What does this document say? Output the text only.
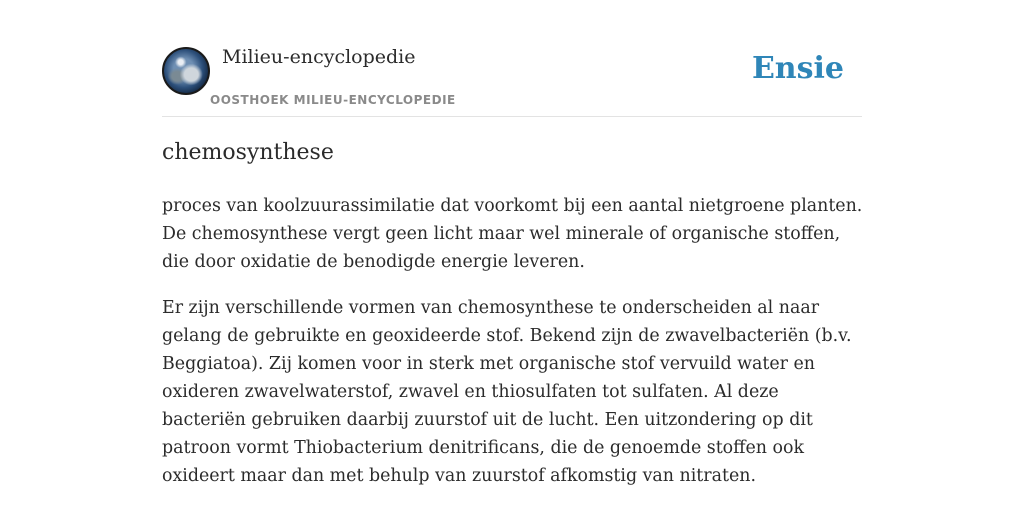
Milieu-encyclopedie
OOSTHOEK MILIEU-ENCYCLOPEDIE
Ensie
chemosynthese

proces van koolzuurassimilatie dat voorkomt bij een aantal nietgroene planten. De chemosynthese vergt geen licht maar wel minerale of organische stoffen, die door oxidatie de benodigde energie leveren.

Er zijn verschillende vormen van chemosynthese te onderscheiden al naar gelang de gebruikte en geoxideerde stof. Bekend zijn de zwavelbacteriën (b.v. Beggiatoa). Zij komen voor in sterk met organische stof vervuild water en oxideren zwavelwaterstof, zwavel en thiosulfaten tot sulfaten. Al deze bacteriën gebruiken daarbij zuurstof uit de lucht. Een uitzondering op dit patroon vormt Thiobacterium denitrificans, die de genoemde stoffen ook oxideert maar dan met behulp van zuurstof afkomstig van nitraten.
